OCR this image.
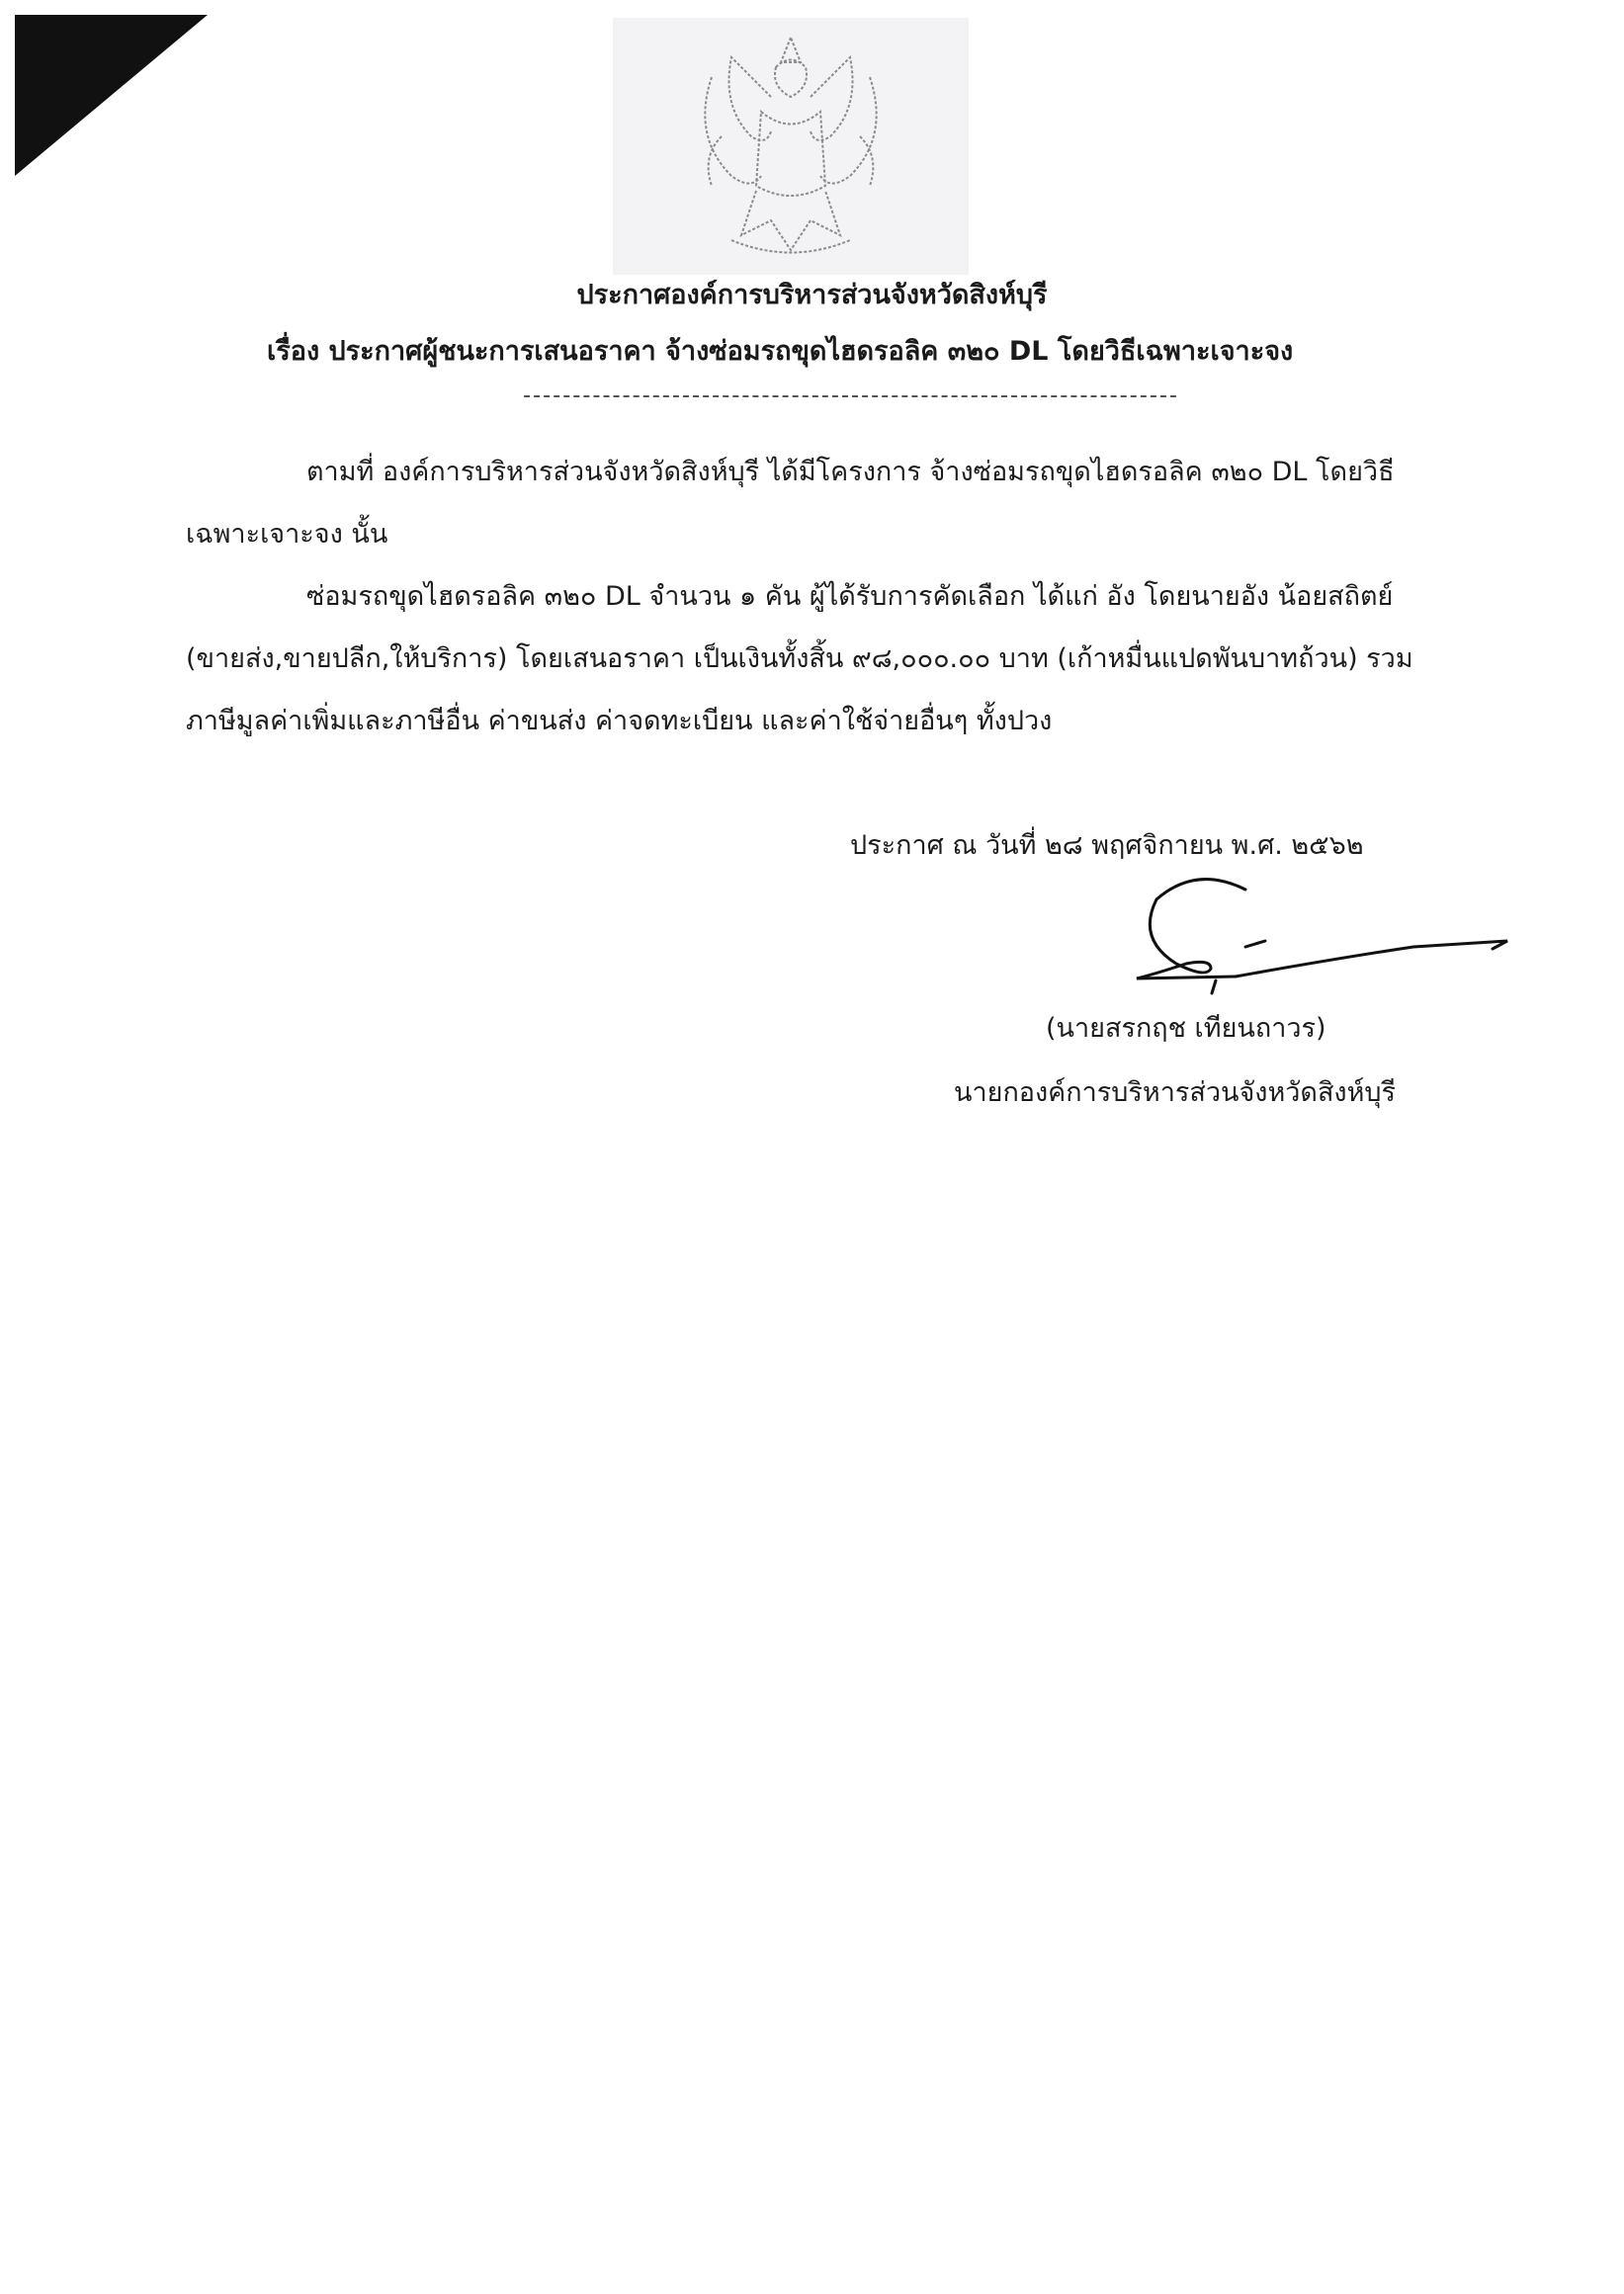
ประกาศองค์การบริหารส่วนจังหวัดสิงห์บุรี
เรื่อง ประกาศผู้ชนะการเสนอราคา จ้างซ่อมรถขุดไฮดรอลิค ๓๒๐ DL โดยวิธีเฉพาะเจาะจง
ตามที่ องค์การบริหารส่วนจังหวัดสิงห์บุรี ได้มีโครงการ จ้างซ่อมรถขุดไฮดรอลิค ๓๒๐ DL โดยวิธี
เฉพาะเจาะจง นั้น
ซ่อมรถขุดไฮดรอลิค ๓๒๐ DL จำนวน ๑ คัน ผู้ได้รับการคัดเลือก ได้แก่ อัง โดยนายอัง น้อยสถิตย์
(ขายส่ง,ขายปลีก,ให้บริการ) โดยเสนอราคา เป็นเงินทั้งสิ้น ๙๘,๐๐๐.๐๐ บาท (เก้าหมื่นแปดพันบาทถ้วน) รวม
ภาษีมูลค่าเพิ่มและภาษีอื่น ค่าขนส่ง ค่าจดทะเบียน และค่าใช้จ่ายอื่นๆ ทั้งปวง
ประกาศ ณ วันที่ ๒๘ พฤศจิกายน พ.ศ. ๒๕๖๒
(นายสรกฤช เทียนถาวร)
นายกองค์การบริหารส่วนจังหวัดสิงห์บุรี
